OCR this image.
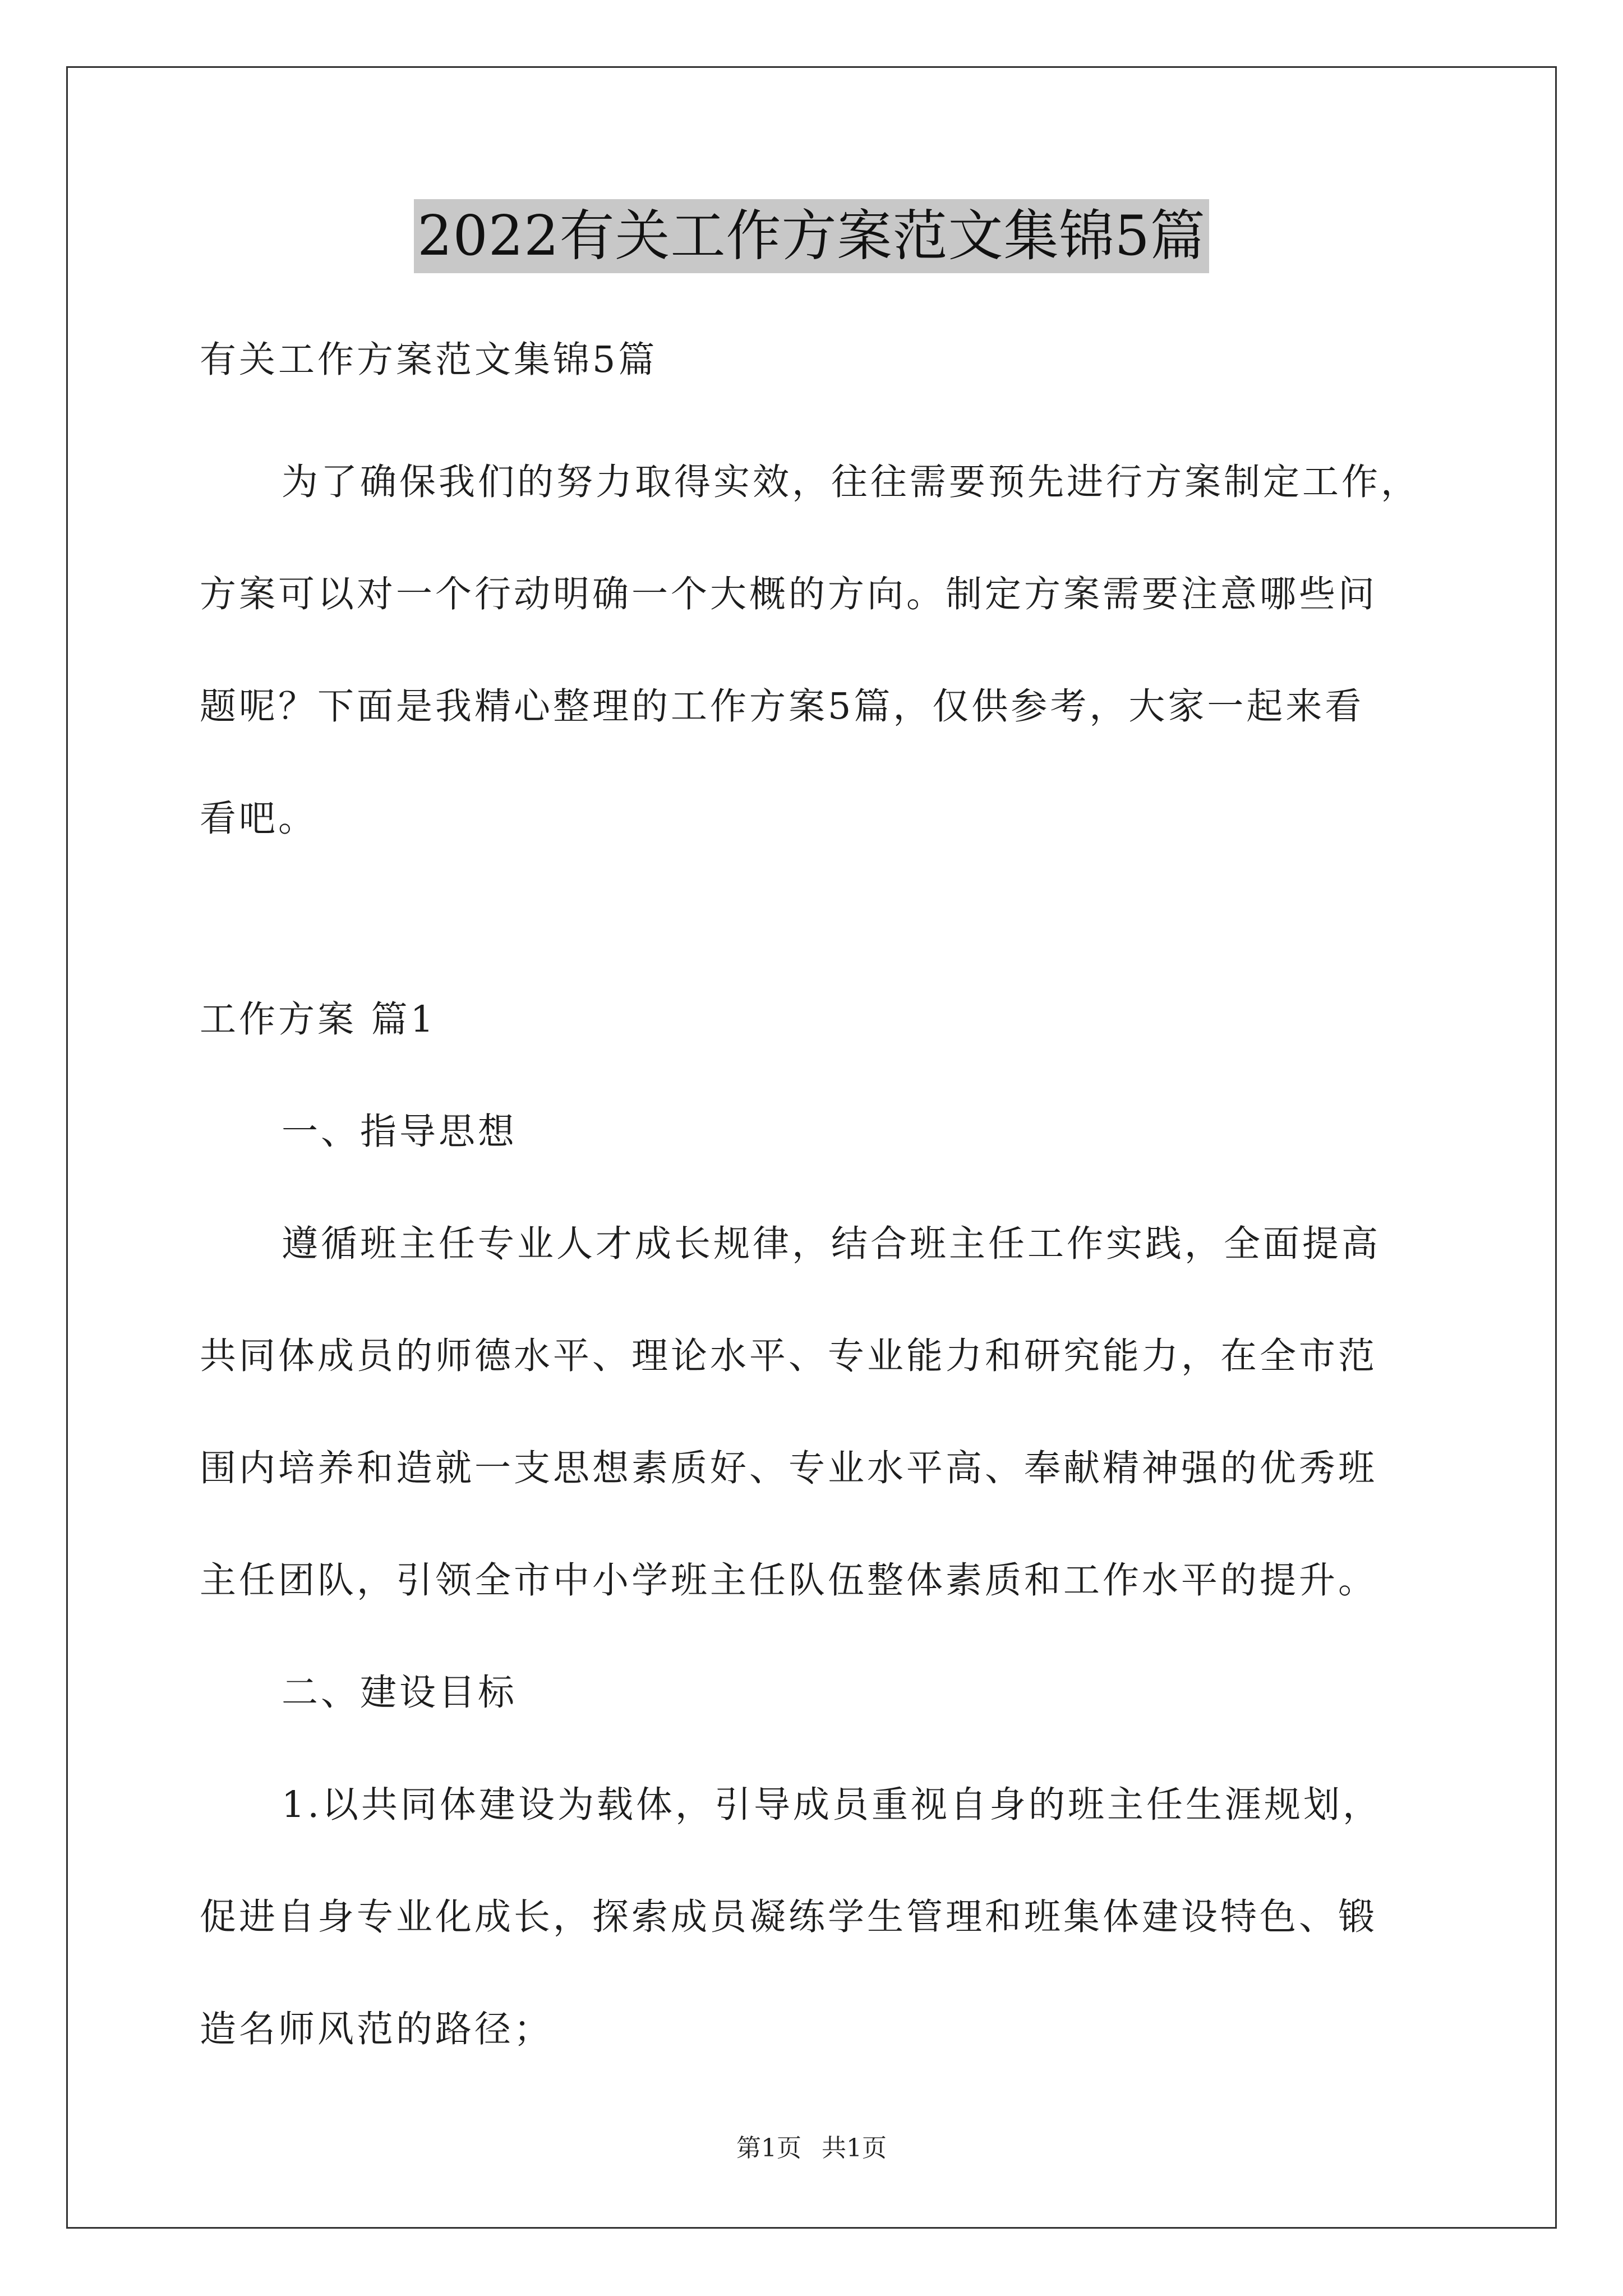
2022有关工作方案范文集锦5篇
有关工作方案范文集锦5篇
为了确保我们的努力取得实效，往往需要预先进行方案制定工作，
方案可以对一个行动明确一个大概的方向。制定方案需要注意哪些问
题呢？下面是我精心整理的工作方案5篇，仅供参考，大家一起来看
看吧。
工作方案 篇1
一、指导思想
遵循班主任专业人才成长规律，结合班主任工作实践，全面提高
共同体成员的师德水平、理论水平、专业能力和研究能力，在全市范
围内培养和造就一支思想素质好、专业水平高、奉献精神强的优秀班
主任团队，引领全市中小学班主任队伍整体素质和工作水平的提升。
二、建设目标
1.以共同体建设为载体，引导成员重视自身的班主任生涯规划，
促进自身专业化成长，探索成员凝练学生管理和班集体建设特色、锻
造名师风范的路径；
第1页 共1页
